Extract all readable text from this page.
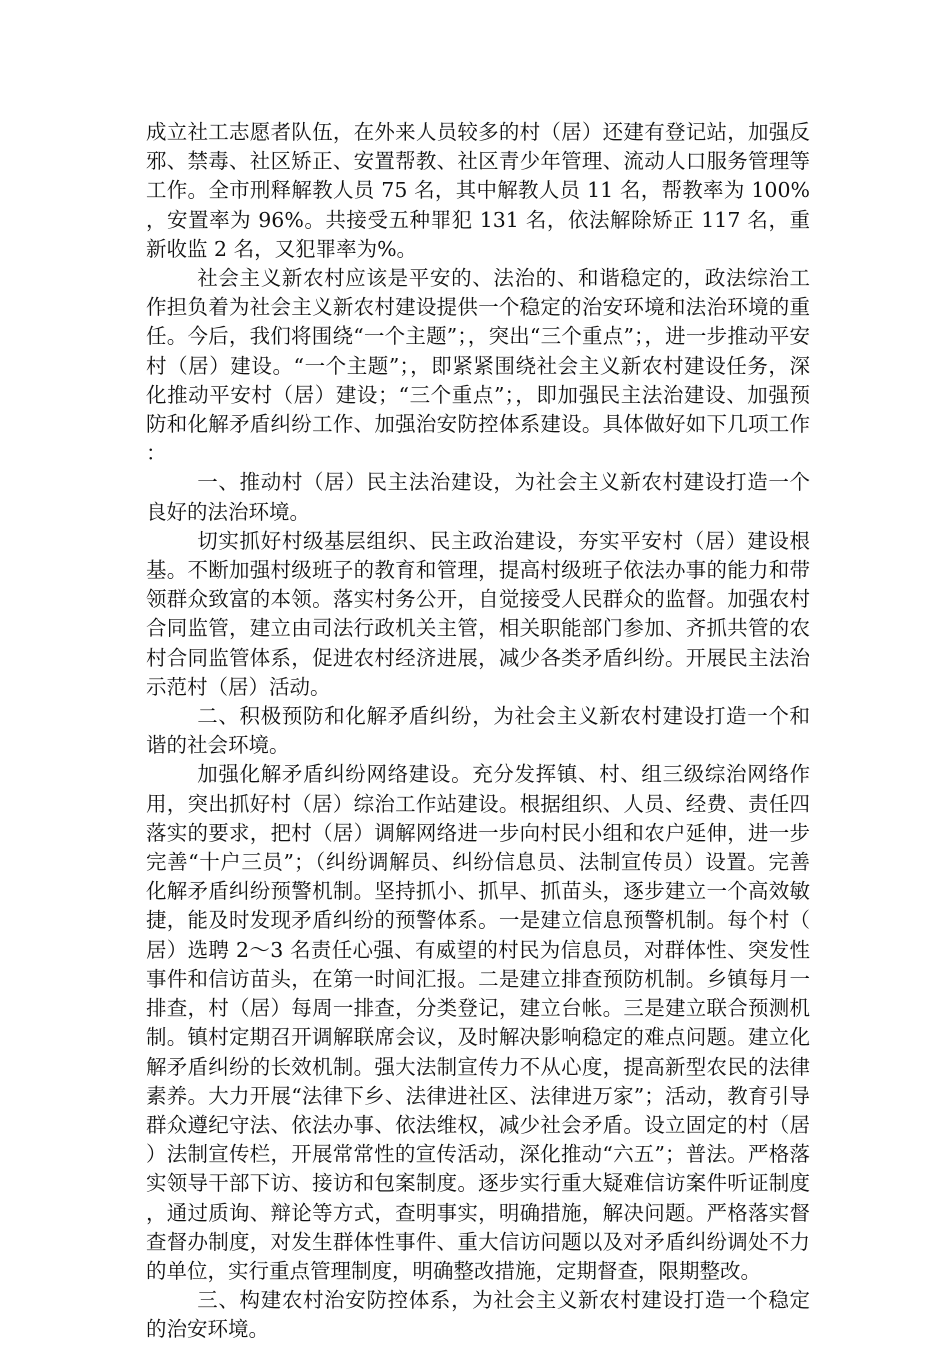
成立社工志愿者队伍，在外来人员较多的村（居）还建有登记站，加强反邪、禁毒、社区矫正、安置帮教、社区青少年管理、流动人口服务管理等工作。全市刑释解教人员 75 名，其中解教人员 11 名，帮教率为 100%，安置率为 96%。共接受五种罪犯 131 名，依法解除矫正 117 名，重新收监 2 名，又犯罪率为%。

社会主义新农村应该是平安的、法治的、和谐稳定的，政法综治工作担负着为社会主义新农村建设提供一个稳定的治安环境和法治环境的重任。今后，我们将围绕“一个主题”；，突出“三个重点”；，进一步推动平安村（居）建设。“一个主题”；，即紧紧围绕社会主义新农村建设任务，深化推动平安村（居）建设；“三个重点”；，即加强民主法治建设、加强预防和化解矛盾纠纷工作、加强治安防控体系建设。具体做好如下几项工作：

一、推动村（居）民主法治建设，为社会主义新农村建设打造一个良好的法治环境。

切实抓好村级基层组织、民主政治建设，夯实平安村（居）建设根基。不断加强村级班子的教育和管理，提高村级班子依法办事的能力和带领群众致富的本领。落实村务公开，自觉接受人民群众的监督。加强农村合同监管，建立由司法行政机关主管，相关职能部门参加、齐抓共管的农村合同监管体系，促进农村经济进展，减少各类矛盾纠纷。开展民主法治示范村（居）活动。

二、积极预防和化解矛盾纠纷，为社会主义新农村建设打造一个和谐的社会环境。

加强化解矛盾纠纷网络建设。充分发挥镇、村、组三级综治网络作用，突出抓好村（居）综治工作站建设。根据组织、人员、经费、责任四落实的要求，把村（居）调解网络进一步向村民小组和农户延伸，进一步完善“十户三员”；（纠纷调解员、纠纷信息员、法制宣传员）设置。完善化解矛盾纠纷预警机制。坚持抓小、抓早、抓苗头，逐步建立一个高效敏捷，能及时发现矛盾纠纷的预警体系。一是建立信息预警机制。每个村（居）选聘 2～3 名责任心强、有威望的村民为信息员，对群体性、突发性事件和信访苗头，在第一时间汇报。二是建立排查预防机制。乡镇每月一排查，村（居）每周一排查，分类登记，建立台帐。三是建立联合预测机制。镇村定期召开调解联席会议，及时解决影响稳定的难点问题。建立化解矛盾纠纷的长效机制。强大法制宣传力不从心度，提高新型农民的法律素养。大力开展“法律下乡、法律进社区、法律进万家”；活动，教育引导群众遵纪守法、依法办事、依法维权，减少社会矛盾。设立固定的村（居）法制宣传栏，开展常常性的宣传活动，深化推动“六五”；普法。严格落实领导干部下访、接访和包案制度。逐步实行重大疑难信访案件听证制度，通过质询、辩论等方式，查明事实，明确措施，解决问题。严格落实督查督办制度，对发生群体性事件、重大信访问题以及对矛盾纠纷调处不力的单位，实行重点管理制度，明确整改措施，定期督查，限期整改。

三、构建农村治安防控体系，为社会主义新农村建设打造一个稳定的治安环境。
